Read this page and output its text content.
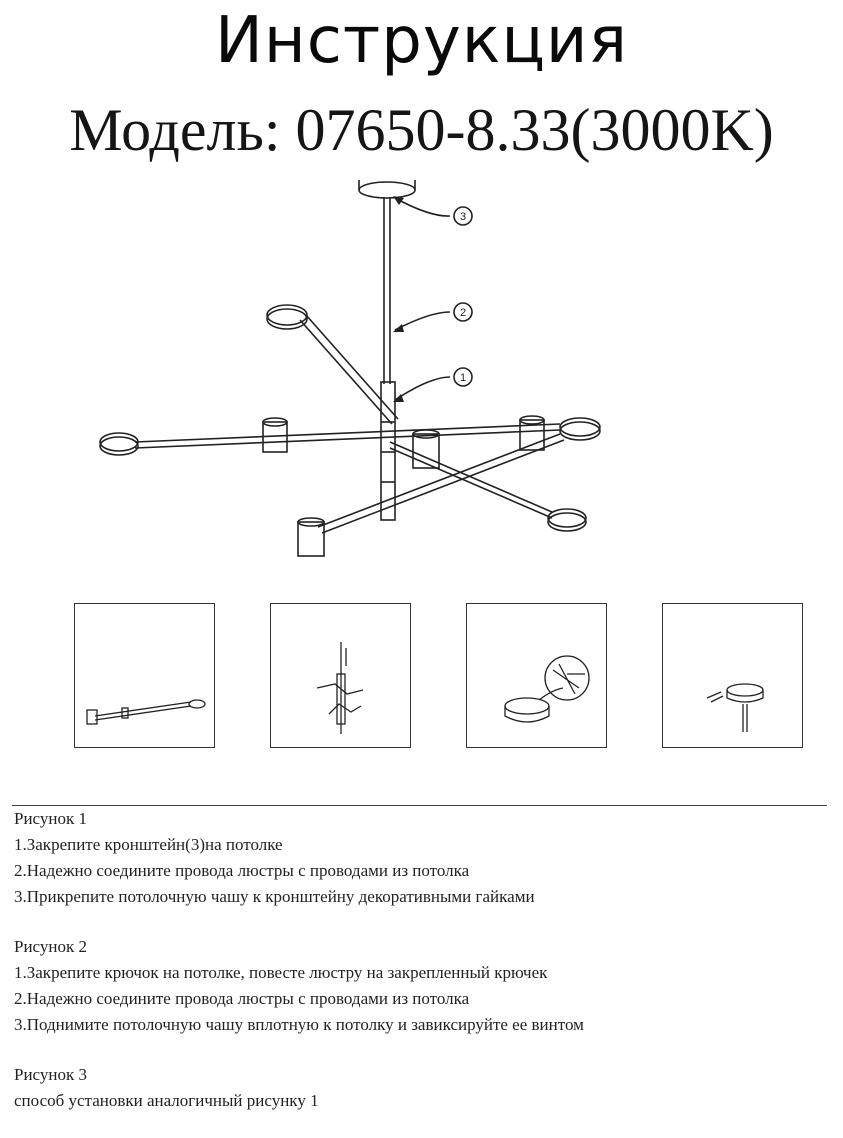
Инструкция
Модель: 07650-8.33(3000K)
3
2
1
Рисунок 1
1.Закрепите кронштейн(3)на потолке
2.Надежно соедините провода люстры с проводами из потолка
3.Прикрепите потолочную чашу к кронштейну декоративными гайками
Рисунок 2
1.Закрепите крючок на потолке, повесте люстру на закрепленный крючек
2.Надежно соедините провода люстры с проводами из потолка
3.Поднимите потолочную чашу вплотную к потолку и завиксируйте ее винтом
Рисунок 3
способ установки аналогичный рисунку 1
